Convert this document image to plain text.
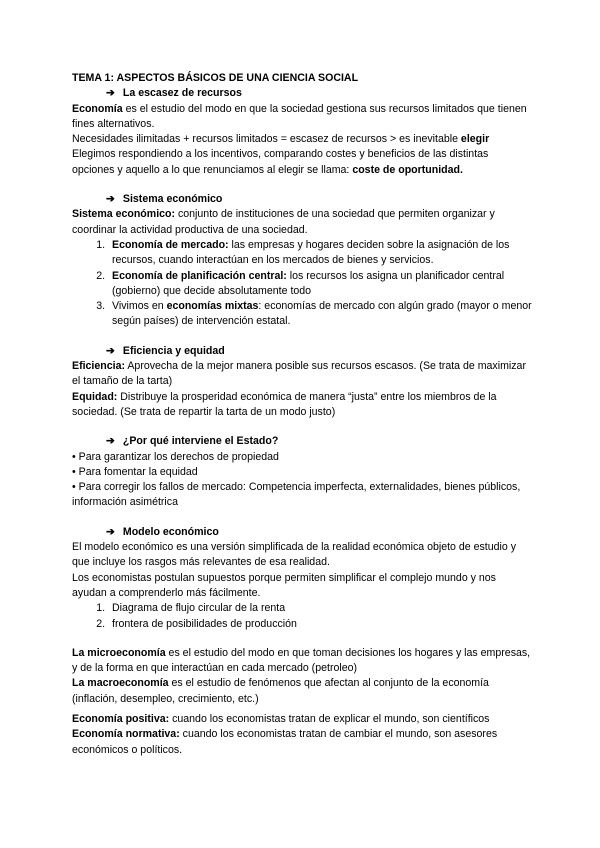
TEMA 1: ASPECTOS BÁSICOS DE UNA CIENCIA SOCIAL

➔ La escasez de recursos

Economía es el estudio del modo en que la sociedad gestiona sus recursos limitados que tienen fines alternativos.

Necesidades ilimitadas + recursos limitados = escasez de recursos > es inevitable elegir

Elegimos respondiendo a los incentivos, comparando costes y beneficios de las distintas opciones y aquello a lo que renunciamos al elegir se llama: coste de oportunidad.

➔ Sistema económico

Sistema económico: conjunto de instituciones de una sociedad que permiten organizar y coordinar la actividad productiva de una sociedad.

1. Economía de mercado: las empresas y hogares deciden sobre la asignación de los recursos, cuando interactúan en los mercados de bienes y servicios.
2. Economía de planificación central: los recursos los asigna un planificador central (gobierno) que decide absolutamente todo
3. Vivimos en economías mixtas: economías de mercado con algún grado (mayor o menor según países) de intervención estatal.
➔ Eficiencia y equidad

Eficiencia: Aprovecha de la mejor manera posible sus recursos escasos. (Se trata de maximizar el tamaño de la tarta)

Equidad: Distribuye la prosperidad económica de manera “justa” entre los miembros de la sociedad. (Se trata de repartir la tarta de un modo justo)

➔ ¿Por qué interviene el Estado?

• Para garantizar los derechos de propiedad

• Para fomentar la equidad

• Para corregir los fallos de mercado: Competencia imperfecta, externalidades, bienes públicos, información asimétrica

➔ Modelo económico

El modelo económico es una versión simplificada de la realidad económica objeto de estudio y que incluye los rasgos más relevantes de esa realidad.

Los economistas postulan supuestos porque permiten simplificar el complejo mundo y nos ayudan a comprenderlo más fácilmente.

1. Diagrama de flujo circular de la renta
2. frontera de posibilidades de producción

La microeconomía es el estudio del modo en que toman decisiones los hogares y las empresas, y de la forma en que interactúan en cada mercado (petroleo)

La macroeconomía es el estudio de fenómenos que afectan al conjunto de la economía (inflación, desempleo, crecimiento, etc.)

Economía positiva: cuando los economistas tratan de explicar el mundo, son científicos

Economía normativa: cuando los economistas tratan de cambiar el mundo, son asesores económicos o políticos.
